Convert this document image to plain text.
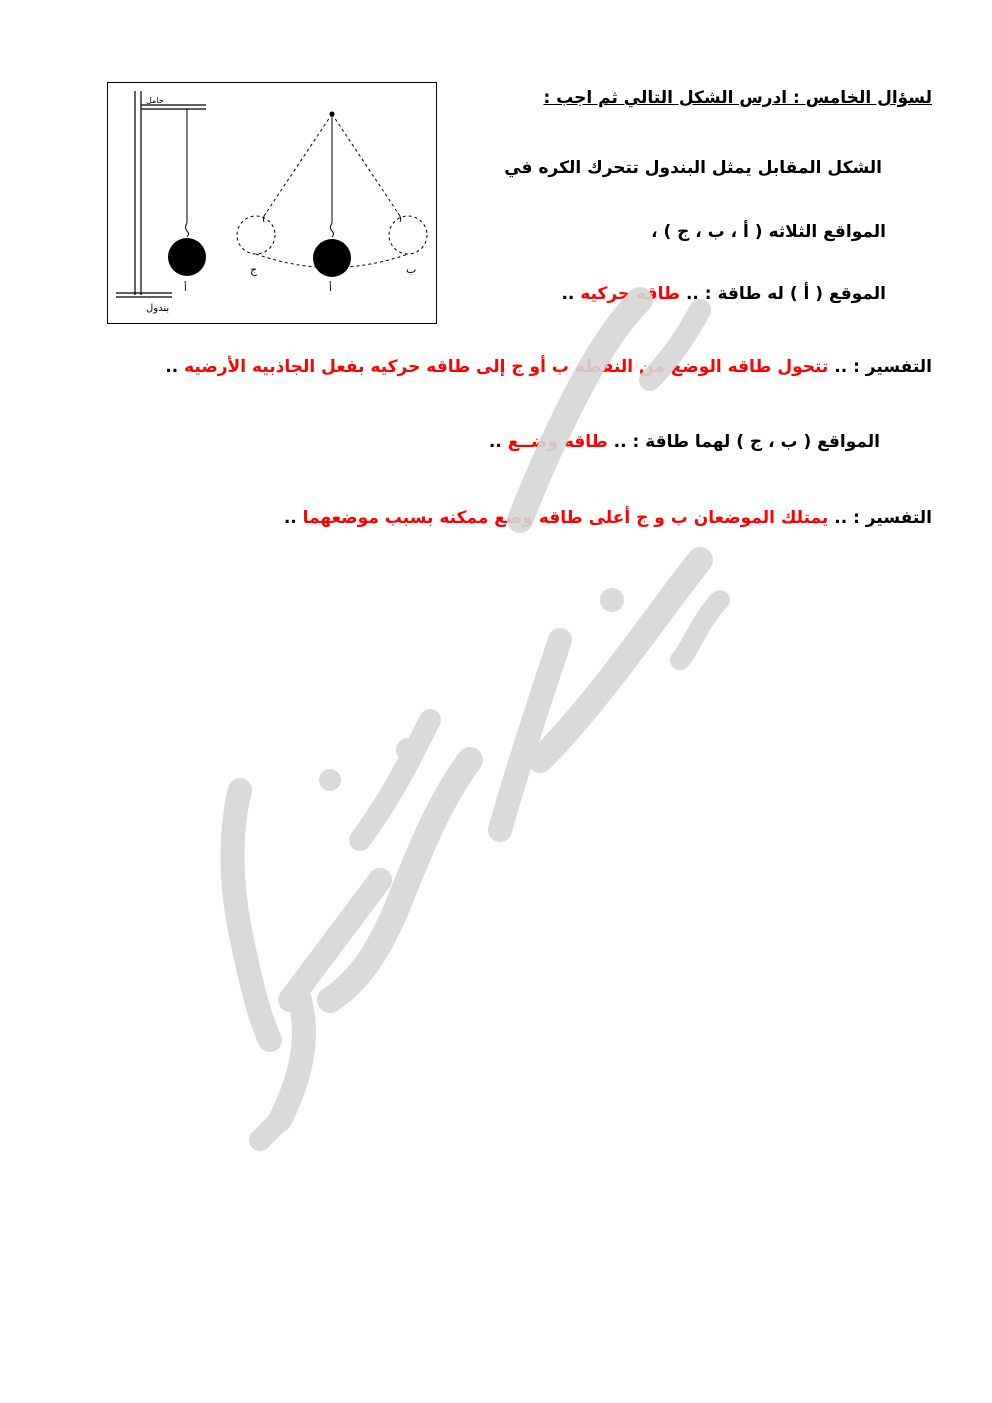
لسؤال الخامس : ادرس الشكل التالي ثم اجب :
الشكل المقابل يمثل البندول تتحرك الكره في
المواقع الثلاثه ( أ ، ب ، ج ) ،
الموقع ( أ ) له طاقة : .. طاقه حركيه ..
التفسير : .. تتحول طاقه الوضع من النقطه ب أو ج إلى طاقه حركيه بفعل الجاذبيه الأرضيه ..
المواقع ( ب ، ج ) لهما طاقة : .. طاقه وضــع ..
التفسير : .. يمتلك الموضعان ب و ج أعلى طاقه وضع ممكنه بسبب موضعهما ..
حامل
بندول
أ	أ
ج	ب
